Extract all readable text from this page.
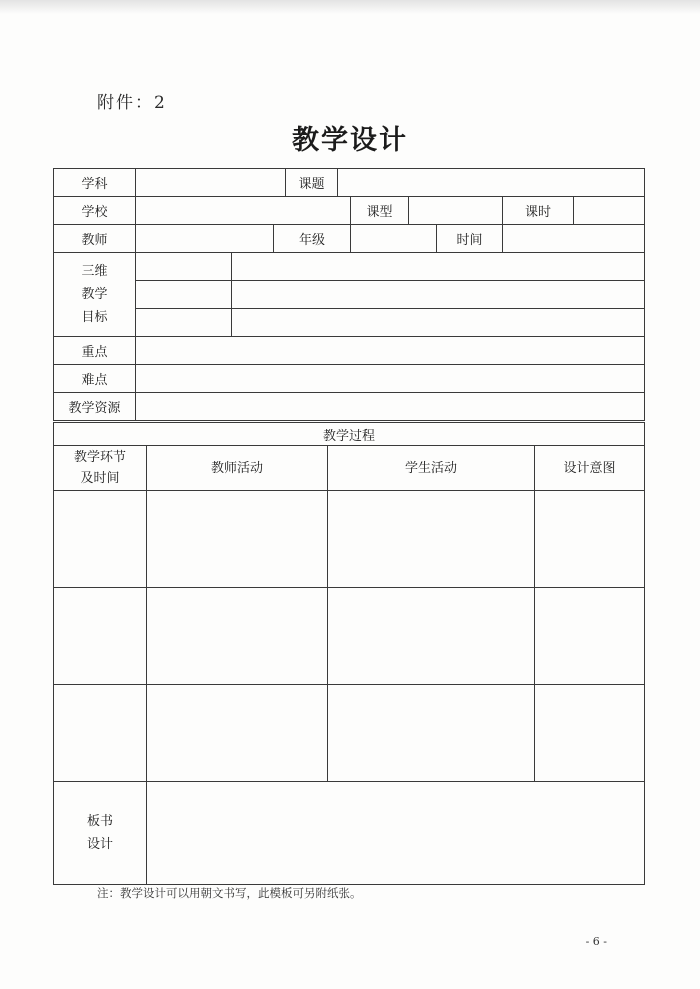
附件：2
教学设计
学科				课题						
学校						课型			课时	
教师			年级					时间		

三维
教学
目标										

重点										
难点										
教学资源										
教学过程			

教学环节
及时间	教师活动	学生活动	设计意图

板书
设计			

注：教学设计可以用朝文书写，此模板可另附纸张。
- 6 -
